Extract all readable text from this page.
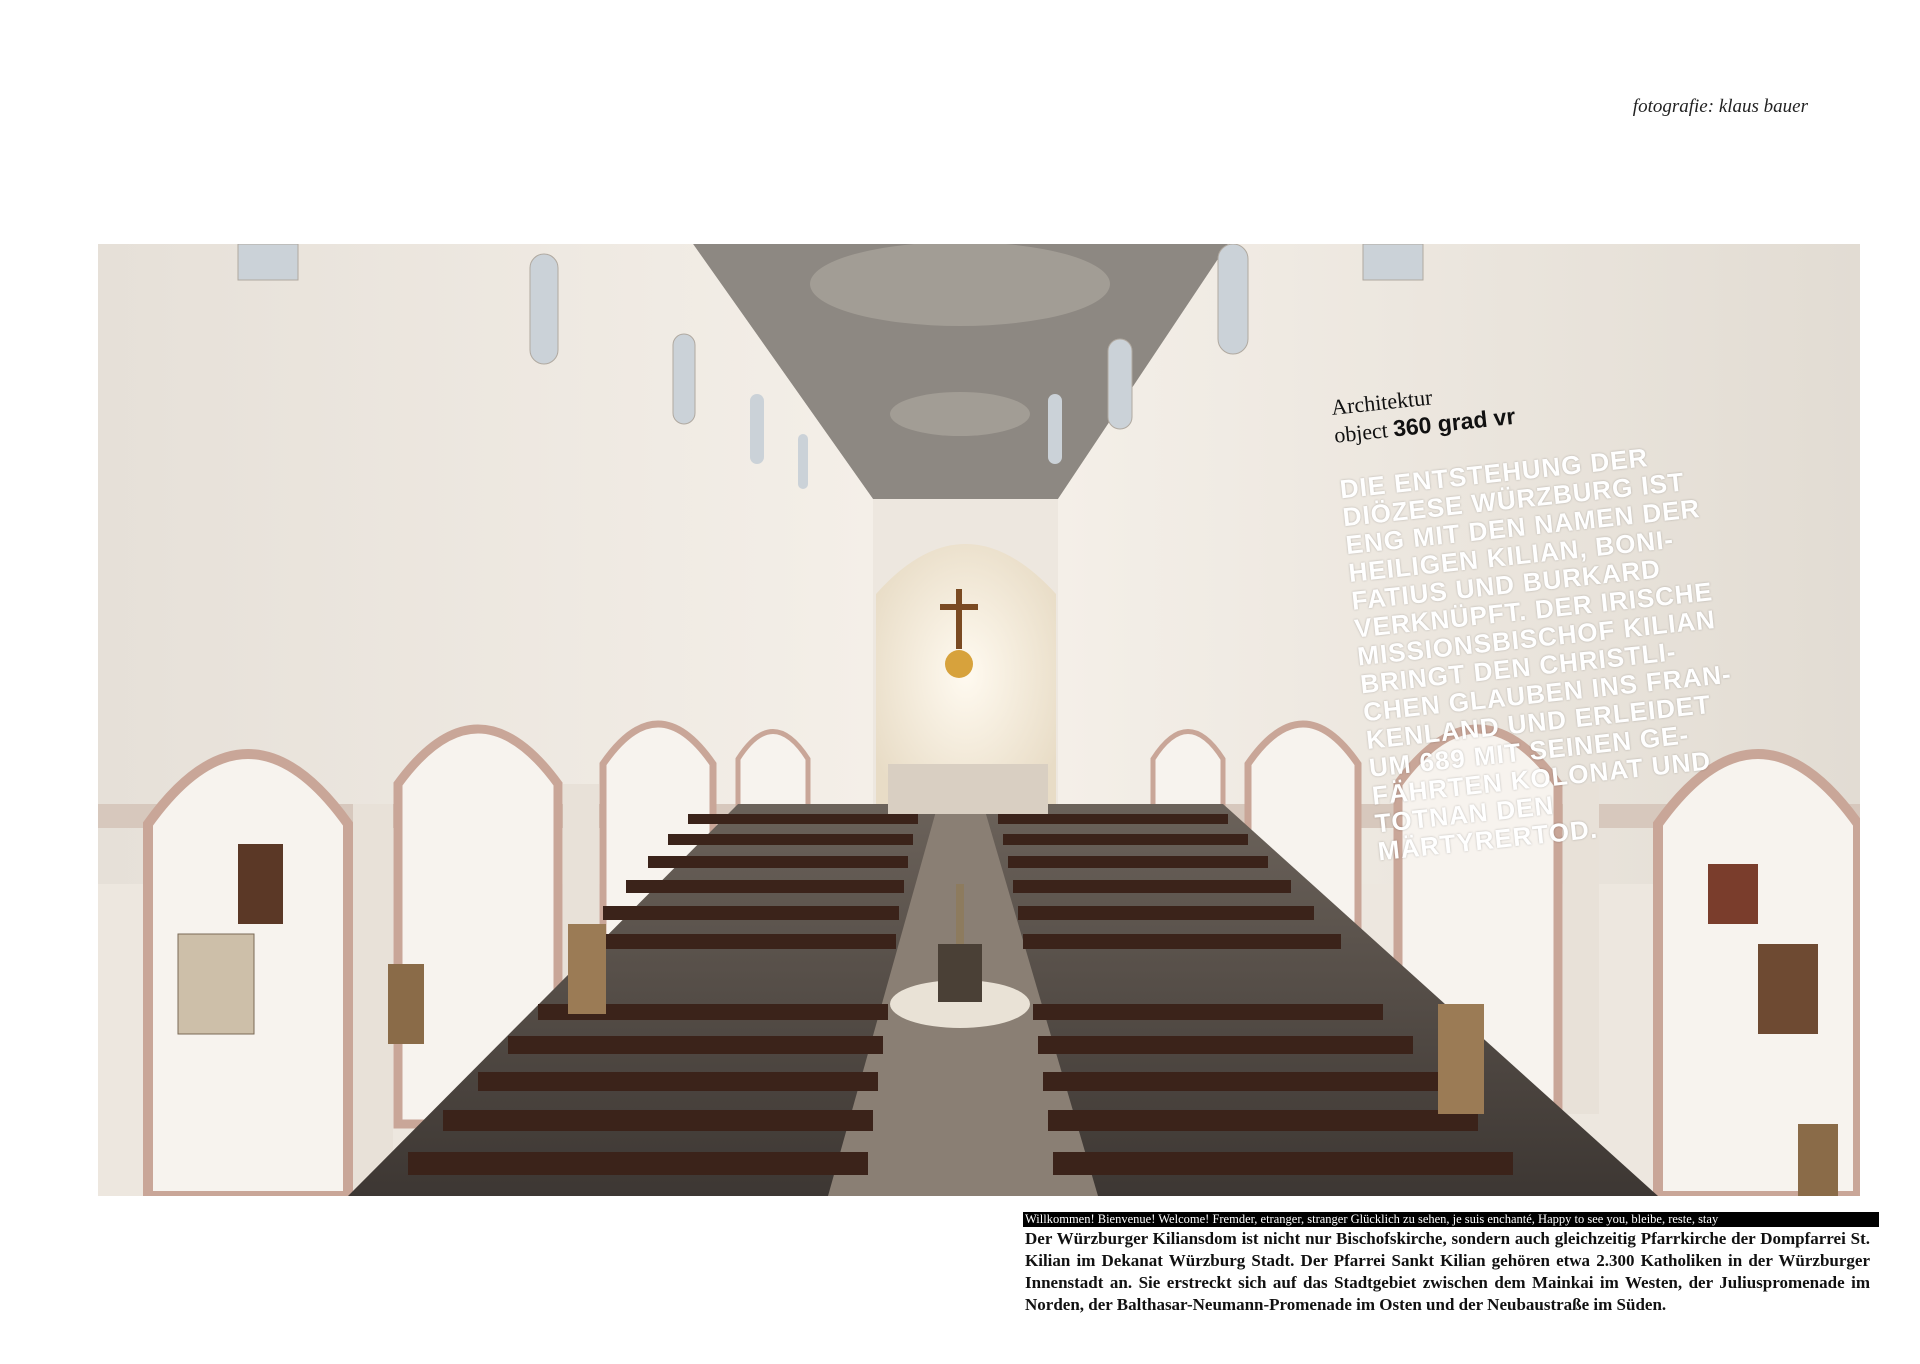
fotografie: klaus bauer
Architektur
object 360 grad vr
DIE ENTSTEHUNG DER DIÖZESE WÜRZBURG IST ENG MIT DEN NAMEN DER HEILIGEN KILIAN, BONI-FATIUS UND BURKARD VERKNÜPFT. DER IRISCHE MISSIONSBISCHOF KILIAN BRINGT DEN CHRISTLI-CHEN GLAUBEN INS FRAN-KENLAND UND ERLEIDET UM 689 MIT SEINEN GE-FÄHRTEN KOLONAT UND TOTNAN DEN MÄRTYRERTOD.
Willkommen! Bienvenue! Welcome! Fremder, etranger, stranger Glücklich zu sehen, je suis enchanté, Happy to see you, bleibe, reste, stay
Der Würzburger Kiliansdom ist nicht nur Bischofskirche, sondern auch gleichzeitig Pfarrkirche der Dompfarrei St. Kilian im Dekanat Würzburg Stadt. Der Pfarrei Sankt Kilian gehören etwa 2.300 Katholiken in der Würzburger Innenstadt an. Sie erstreckt sich auf das Stadtgebiet zwischen dem Mainkai im Westen, der Juliuspromenade im Norden, der Balthasar-Neumann-Promenade im Osten und der Neubaustraße im Süden.
